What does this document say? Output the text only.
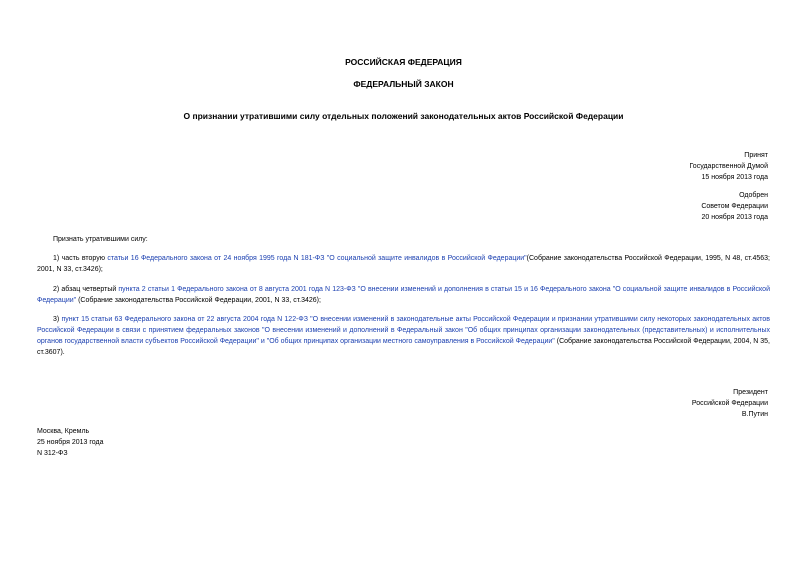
РОССИЙСКАЯ ФЕДЕРАЦИЯ
ФЕДЕРАЛЬНЫЙ ЗАКОН
О признании утратившими силу отдельных положений законодательных актов Российской Федерации
Принят
Государственной Думой
15 ноября 2013 года
Одобрен
Советом Федерации
20 ноября 2013 года
Признать утратившими силу:
1) часть вторую статьи 16 Федерального закона от 24 ноября 1995 года N 181-ФЗ "О социальной защите инвалидов в Российской Федерации"(Собрание законодательства Российской Федерации, 1995, N 48, ст.4563; 2001, N 33, ст.3426);
2) абзац четвертый пункта 2 статьи 1 Федерального закона от 8 августа 2001 года N 123-ФЗ "О внесении изменений и дополнения в статьи 15 и 16 Федерального закона "О социальной защите инвалидов в Российской Федерации" (Собрание законодательства Российской Федерации, 2001, N 33, ст.3426);
3) пункт 15 статьи 63 Федерального закона от 22 августа 2004 года N 122-ФЗ "О внесении изменений в законодательные акты Российской Федерации и признании утратившими силу некоторых законодательных актов Российской Федерации в связи с принятием федеральных законов "О внесении изменений и дополнений в Федеральный закон "Об общих принципах организации законодательных (представительных) и исполнительных органов государственной власти субъектов Российской Федерации" и "Об общих принципах организации местного самоуправления в Российской Федерации" (Собрание законодательства Российской Федерации, 2004, N 35, ст.3607).
Президент
Российской Федерации
В.Путин
Москва, Кремль
25 ноября 2013 года
N 312-ФЗ
